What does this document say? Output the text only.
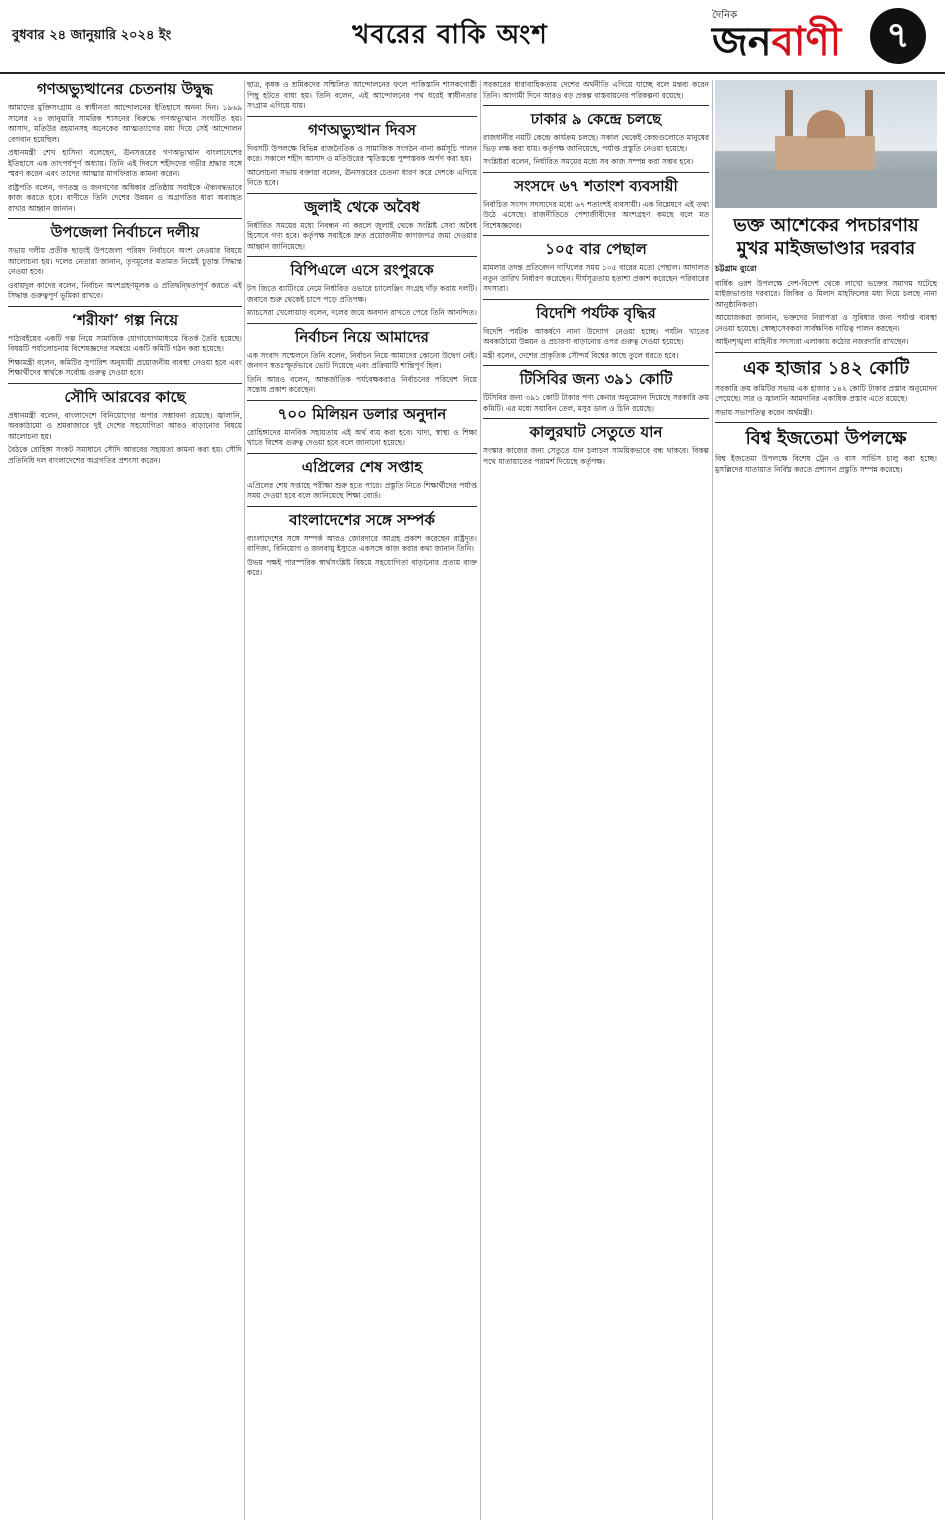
বুধবার ২৪ জানুয়ারি ২০২৪ ইং	খবরের বাকি অংশ
দৈনিক
জনবাণী	৭
গণঅভ্যুত্থানের চেতনায় উদ্বুদ্ধ

আমাদের মুক্তিসংগ্রাম ও স্বাধীনতা আন্দোলনের ইতিহাসে অনন্য দিন। ১৯৬৯ সালের ২৪ জানুয়ারি সামরিক শাসনের বিরুদ্ধে গণঅভ্যুত্থান সংঘটিত হয়। আসাদ, মতিউর রহমানসহ অনেকের আত্মত্যাগের মধ্য দিয়ে সেই আন্দোলন বেগবান হয়েছিল।

প্রধানমন্ত্রী শেখ হাসিনা বলেছেন, ঊনসত্তরের গণঅভ্যুত্থান বাংলাদেশের ইতিহাসে এক তাৎপর্যপূর্ণ অধ্যায়। তিনি এই দিবসে শহীদদের গভীর শ্রদ্ধার সঙ্গে স্মরণ করেন এবং তাদের আত্মার মাগফিরাত কামনা করেন।

রাষ্ট্রপতি বলেন, গণতন্ত্র ও জনগণের অধিকার প্রতিষ্ঠায় সবাইকে ঐক্যবদ্ধভাবে কাজ করতে হবে। বাণীতে তিনি দেশের উন্নয়ন ও অগ্রগতির ধারা অব্যাহত রাখার আহ্বান জানান।

উপজেলা নির্বাচনে দলীয়

সভায় দলীয় প্রতীক ছাড়াই উপজেলা পরিষদ নির্বাচনে অংশ নেওয়ার বিষয়ে আলোচনা হয়। দলের নেতারা জানান, তৃণমূলের মতামত নিয়েই চূড়ান্ত সিদ্ধান্ত নেওয়া হবে।

ওবায়দুল কাদের বলেন, নির্বাচন অংশগ্রহণমূলক ও প্রতিদ্বন্দ্বিতাপূর্ণ করতে এই সিদ্ধান্ত গুরুত্বপূর্ণ ভূমিকা রাখবে।

‘শরীফা’ গল্প নিয়ে

পাঠ্যবইয়ের একটি গল্প নিয়ে সামাজিক যোগাযোগমাধ্যমে বিতর্ক তৈরি হয়েছে। বিষয়টি পর্যালোচনায় বিশেষজ্ঞদের সমন্বয়ে একটি কমিটি গঠন করা হয়েছে।

শিক্ষামন্ত্রী বলেন, কমিটির সুপারিশ অনুযায়ী প্রয়োজনীয় ব্যবস্থা নেওয়া হবে এবং শিক্ষার্থীদের স্বার্থকে সর্বোচ্চ গুরুত্ব দেওয়া হবে।

সৌদি আরবের কাছে

প্রধানমন্ত্রী বলেন, বাংলাদেশে বিনিয়োগের অপার সম্ভাবনা রয়েছে। জ্বালানি, অবকাঠামো ও শ্রমবাজারে দুই দেশের সহযোগিতা আরও বাড়ানোর বিষয়ে আলোচনা হয়।

বৈঠকে রোহিঙ্গা সংকট সমাধানে সৌদি আরবের সহায়তা কামনা করা হয়। সৌদি প্রতিনিধি দল বাংলাদেশের অগ্রগতির প্রশংসা করেন।

ছাত্র, কৃষক ও শ্রমিকদের সম্মিলিত আন্দোলনের ফলে পাকিস্তানি শাসকগোষ্ঠী পিছু হটতে বাধ্য হয়। তিনি বলেন, এই আন্দোলনের পথ ধরেই স্বাধীনতার সংগ্রাম এগিয়ে যায়।

গণঅভ্যুত্থান দিবস

দিবসটি উপলক্ষে বিভিন্ন রাজনৈতিক ও সামাজিক সংগঠন নানা কর্মসূচি পালন করে। সকালে শহীদ আসাদ ও মতিউরের স্মৃতিস্তম্ভে পুষ্পস্তবক অর্পণ করা হয়।

আলোচনা সভায় বক্তারা বলেন, ঊনসত্তরের চেতনা ধারণ করে দেশকে এগিয়ে নিতে হবে।

জুলাই থেকে অবৈধ

নির্ধারিত সময়ের মধ্যে নিবন্ধন না করলে জুলাই থেকে সংশ্লিষ্ট সেবা অবৈধ হিসেবে গণ্য হবে। কর্তৃপক্ষ সবাইকে দ্রুত প্রয়োজনীয় কাগজপত্র জমা দেওয়ার আহ্বান জানিয়েছে।

বিপিএলে এসে রংপুরকে

টস জিতে ব্যাটিংয়ে নেমে নির্ধারিত ওভারে চ্যালেঞ্জিং সংগ্রহ দাঁড় করায় দলটি। জবাবে শুরু থেকেই চাপে পড়ে প্রতিপক্ষ।

ম্যাচসেরা খেলোয়াড় বলেন, দলের জয়ে অবদান রাখতে পেরে তিনি আনন্দিত।

নির্বাচন নিয়ে আমাদের

এক সংবাদ সম্মেলনে তিনি বলেন, নির্বাচন নিয়ে আমাদের কোনো উদ্বেগ নেই। জনগণ স্বতঃস্ফূর্তভাবে ভোট দিয়েছে এবং প্রক্রিয়াটি শান্তিপূর্ণ ছিল।

তিনি আরও বলেন, আন্তর্জাতিক পর্যবেক্ষকরাও নির্বাচনের পরিবেশ নিয়ে সন্তোষ প্রকাশ করেছেন।

৭০০ মিলিয়ন ডলার অনুদান

রোহিঙ্গাদের মানবিক সহায়তায় এই অর্থ ব্যয় করা হবে। খাদ্য, স্বাস্থ্য ও শিক্ষা খাতে বিশেষ গুরুত্ব দেওয়া হবে বলে জানানো হয়েছে।

এপ্রিলের শেষ সপ্তাহ

এপ্রিলের শেষ সপ্তাহে পরীক্ষা শুরু হতে পারে। প্রস্তুতি নিতে শিক্ষার্থীদের পর্যাপ্ত সময় দেওয়া হবে বলে জানিয়েছে শিক্ষা বোর্ড।

বাংলাদেশের সঙ্গে সম্পর্ক

বাংলাদেশের সঙ্গে সম্পর্ক আরও জোরদারে আগ্রহ প্রকাশ করেছেন রাষ্ট্রদূত। বাণিজ্য, বিনিয়োগ ও জলবায়ু ইস্যুতে একসঙ্গে কাজ করার কথা জানান তিনি।

উভয় পক্ষই পারস্পরিক স্বার্থসংশ্লিষ্ট বিষয়ে সহযোগিতা বাড়ানোর প্রত্যয় ব্যক্ত করে।

সরকারের ধারাবাহিকতায় দেশের অর্থনীতি এগিয়ে যাচ্ছে বলে মন্তব্য করেন তিনি। আগামী দিনে আরও বড় প্রকল্প বাস্তবায়নের পরিকল্পনা রয়েছে।

ঢাকার ৯ কেন্দ্রে চলছে

রাজধানীর নয়টি কেন্দ্রে কার্যক্রম চলছে। সকাল থেকেই কেন্দ্রগুলোতে মানুষের ভিড় লক্ষ করা যায়। কর্তৃপক্ষ জানিয়েছে, পর্যাপ্ত প্রস্তুতি নেওয়া হয়েছে।

সংশ্লিষ্টরা বলেন, নির্ধারিত সময়ের মধ্যে সব কাজ সম্পন্ন করা সম্ভব হবে।

সংসদে ৬৭ শতাংশ ব্যবসায়ী

নির্বাচিত সংসদ সদস্যদের মধ্যে ৬৭ শতাংশই ব্যবসায়ী। এক বিশ্লেষণে এই তথ্য উঠে এসেছে। রাজনীতিতে পেশাজীবীদের অংশগ্রহণ কমছে বলে মত বিশেষজ্ঞদের।

১০৫ বার পেছাল

মামলার তদন্ত প্রতিবেদন দাখিলের সময় ১০৫ বারের মতো পেছাল। আদালত নতুন তারিখ নির্ধারণ করেছেন। দীর্ঘসূত্রতায় হতাশা প্রকাশ করেছেন পরিবারের সদস্যরা।

বিদেশি পর্যটক বৃদ্ধির

বিদেশি পর্যটক আকর্ষণে নানা উদ্যোগ নেওয়া হচ্ছে। পর্যটন খাতের অবকাঠামো উন্নয়ন ও প্রচারণা বাড়ানোর ওপর গুরুত্ব দেওয়া হয়েছে।

মন্ত্রী বলেন, দেশের প্রাকৃতিক সৌন্দর্য বিশ্বের কাছে তুলে ধরতে হবে।

টিসিবির জন্য ৩৯১ কোটি

টিসিবির জন্য ৩৯১ কোটি টাকার পণ্য কেনার অনুমোদন দিয়েছে সরকারি ক্রয় কমিটি। এর মধ্যে সয়াবিন তেল, মসুর ডাল ও চিনি রয়েছে।

কালুরঘাট সেতুতে যান

সংস্কার কাজের জন্য সেতুতে যান চলাচল সাময়িকভাবে বন্ধ থাকবে। বিকল্প পথে যাতায়াতের পরামর্শ দিয়েছে কর্তৃপক্ষ।

ভক্ত আশেকের পদচারণায় মুখর মাইজভাণ্ডার দরবার
চট্টগ্রাম ব্যুরো

বার্ষিক ওরশ উপলক্ষে দেশ-বিদেশ থেকে লাখো ভক্তের সমাগম ঘটেছে মাইজভাণ্ডার দরবারে। জিকির ও মিলাদ মাহফিলের মধ্য দিয়ে চলছে নানা আনুষ্ঠানিকতা।

আয়োজকরা জানান, ভক্তদের নিরাপত্তা ও সুবিধার জন্য পর্যাপ্ত ব্যবস্থা নেওয়া হয়েছে। স্বেচ্ছাসেবকরা সার্বক্ষণিক দায়িত্ব পালন করছেন।

আইনশৃঙ্খলা বাহিনীর সদস্যরা এলাকায় কঠোর নজরদারি রাখছেন।

এক হাজার ১৪২ কোটি

সরকারি ক্রয় কমিটির সভায় এক হাজার ১৪২ কোটি টাকার প্রস্তাব অনুমোদন পেয়েছে। সার ও জ্বালানি আমদানির একাধিক প্রস্তাব এতে রয়েছে।

সভায় সভাপতিত্ব করেন অর্থমন্ত্রী।

বিশ্ব ইজতেমা উপলক্ষে

বিশ্ব ইজতেমা উপলক্ষে বিশেষ ট্রেন ও বাস সার্ভিস চালু করা হচ্ছে। মুসল্লিদের যাতায়াত নির্বিঘ্ন করতে প্রশাসন প্রস্তুতি সম্পন্ন করেছে।
